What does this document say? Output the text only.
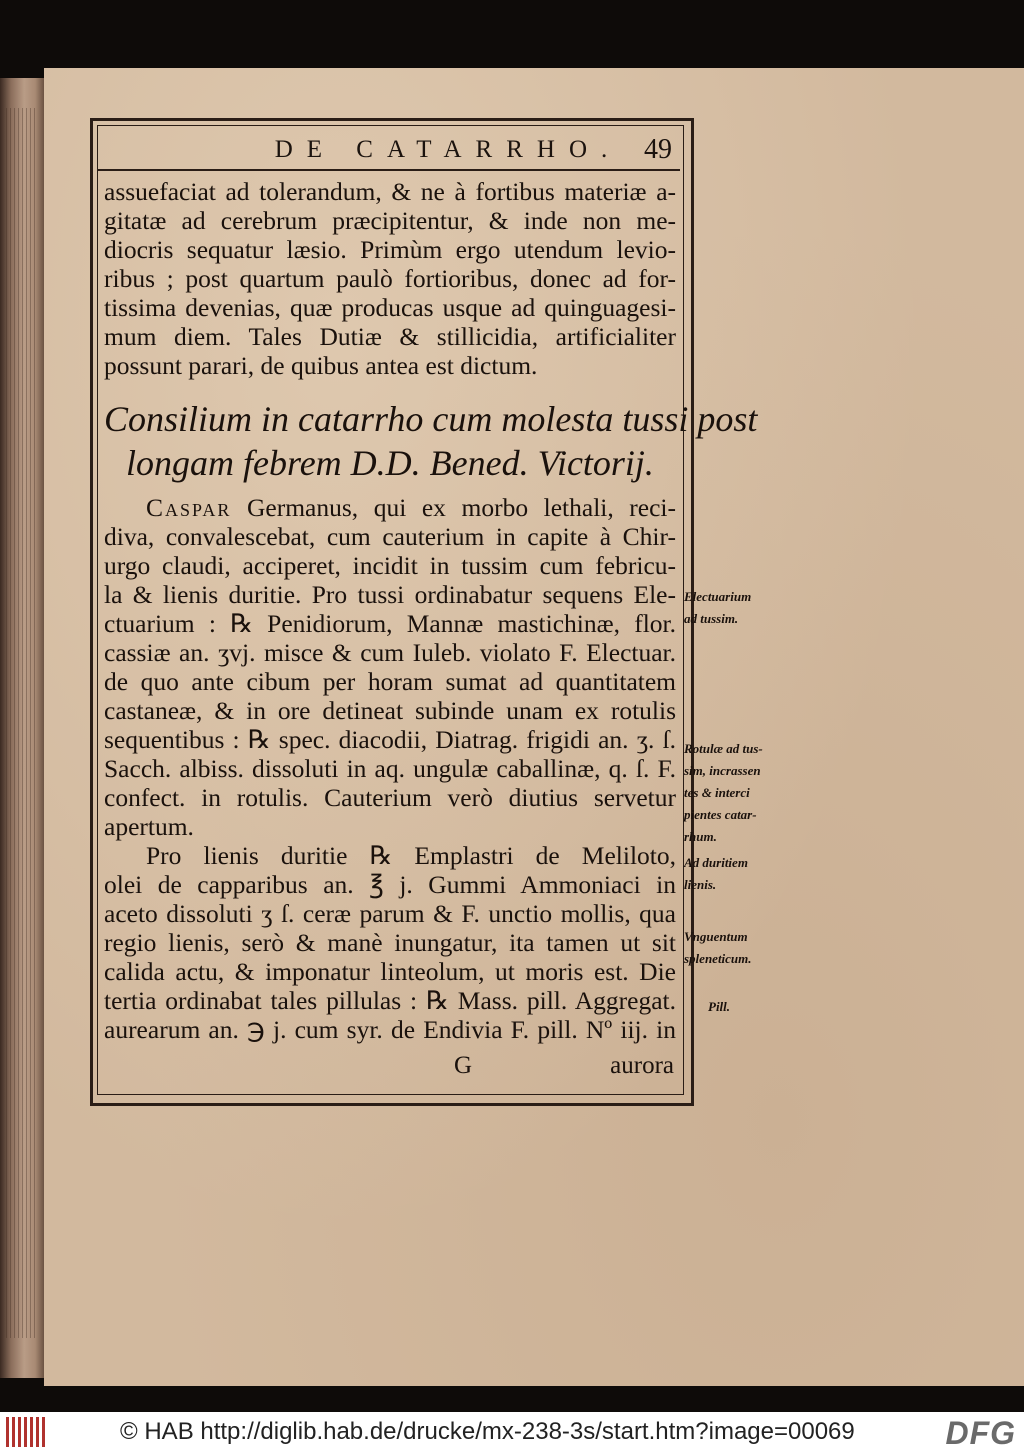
DE CATARRHO. 49
assuefaciat ad tolerandum, & ne à fortibus materiæ a-
gitatæ ad cerebrum præcipitentur, & inde non me-
diocris sequatur læsio. Primùm ergo utendum levio-
ribus ; post quartum paulò fortioribus, donec ad for-
tissima devenias, quæ producas usque ad quinguagesi-
mum diem. Tales Dutiæ & stillicidia, artificialiter
possunt parari, de quibus antea est dictum.
Consilium in catarrho cum molesta tussi post
longam febrem D.D. Bened. Victorij.
Caspar Germanus, qui ex morbo lethali, reci-
diva, convalescebat, cum cauterium in capite à Chir-
urgo claudi, acciperet, incidit in tussim cum febricu-
la & lienis duritie. Pro tussi ordinabatur sequens Ele-
ctuarium : ℞ Penidiorum, Mannæ mastichinæ, flor.
cassiæ an. ʒvj. misce & cum Iuleb. violato F. Electuar.
de quo ante cibum per horam sumat ad quantitatem
castaneæ, & in ore detineat subinde unam ex rotulis
sequentibus : ℞ spec. diacodii, Diatrag. frigidi an. ʒ. ſ.
Sacch. albiss. dissoluti in aq. ungulæ caballinæ, q. ſ. F.
confect. in rotulis. Cauterium verò diutius servetur
apertum.
Pro lienis duritie ℞ Emplastri de Meliloto,
olei de capparibus an. ℥ j. Gummi Ammoniaci in
aceto dissoluti ʒ ſ. ceræ parum & F. unctio mollis, qua
regio lienis, serò & manè inungatur, ita tamen ut sit
calida actu, & imponatur linteolum, ut moris est. Die
tertia ordinabat tales pillulas : ℞ Mass. pill. Aggregat.
aurearum an. ℈ j. cum syr. de Endivia F. pill. Nº iij. in
G	aurora
Electuarium
ad tussim.
Rotulæ ad tus-
sim, incrassen
tes & interci
pientes catar-
rhum.
Ad duritiem
lienis.
Vnguentum
spleneticum.
Pill.
© HAB http://diglib.hab.de/drucke/mx-238-3s/start.htm?image=00069	DFG
